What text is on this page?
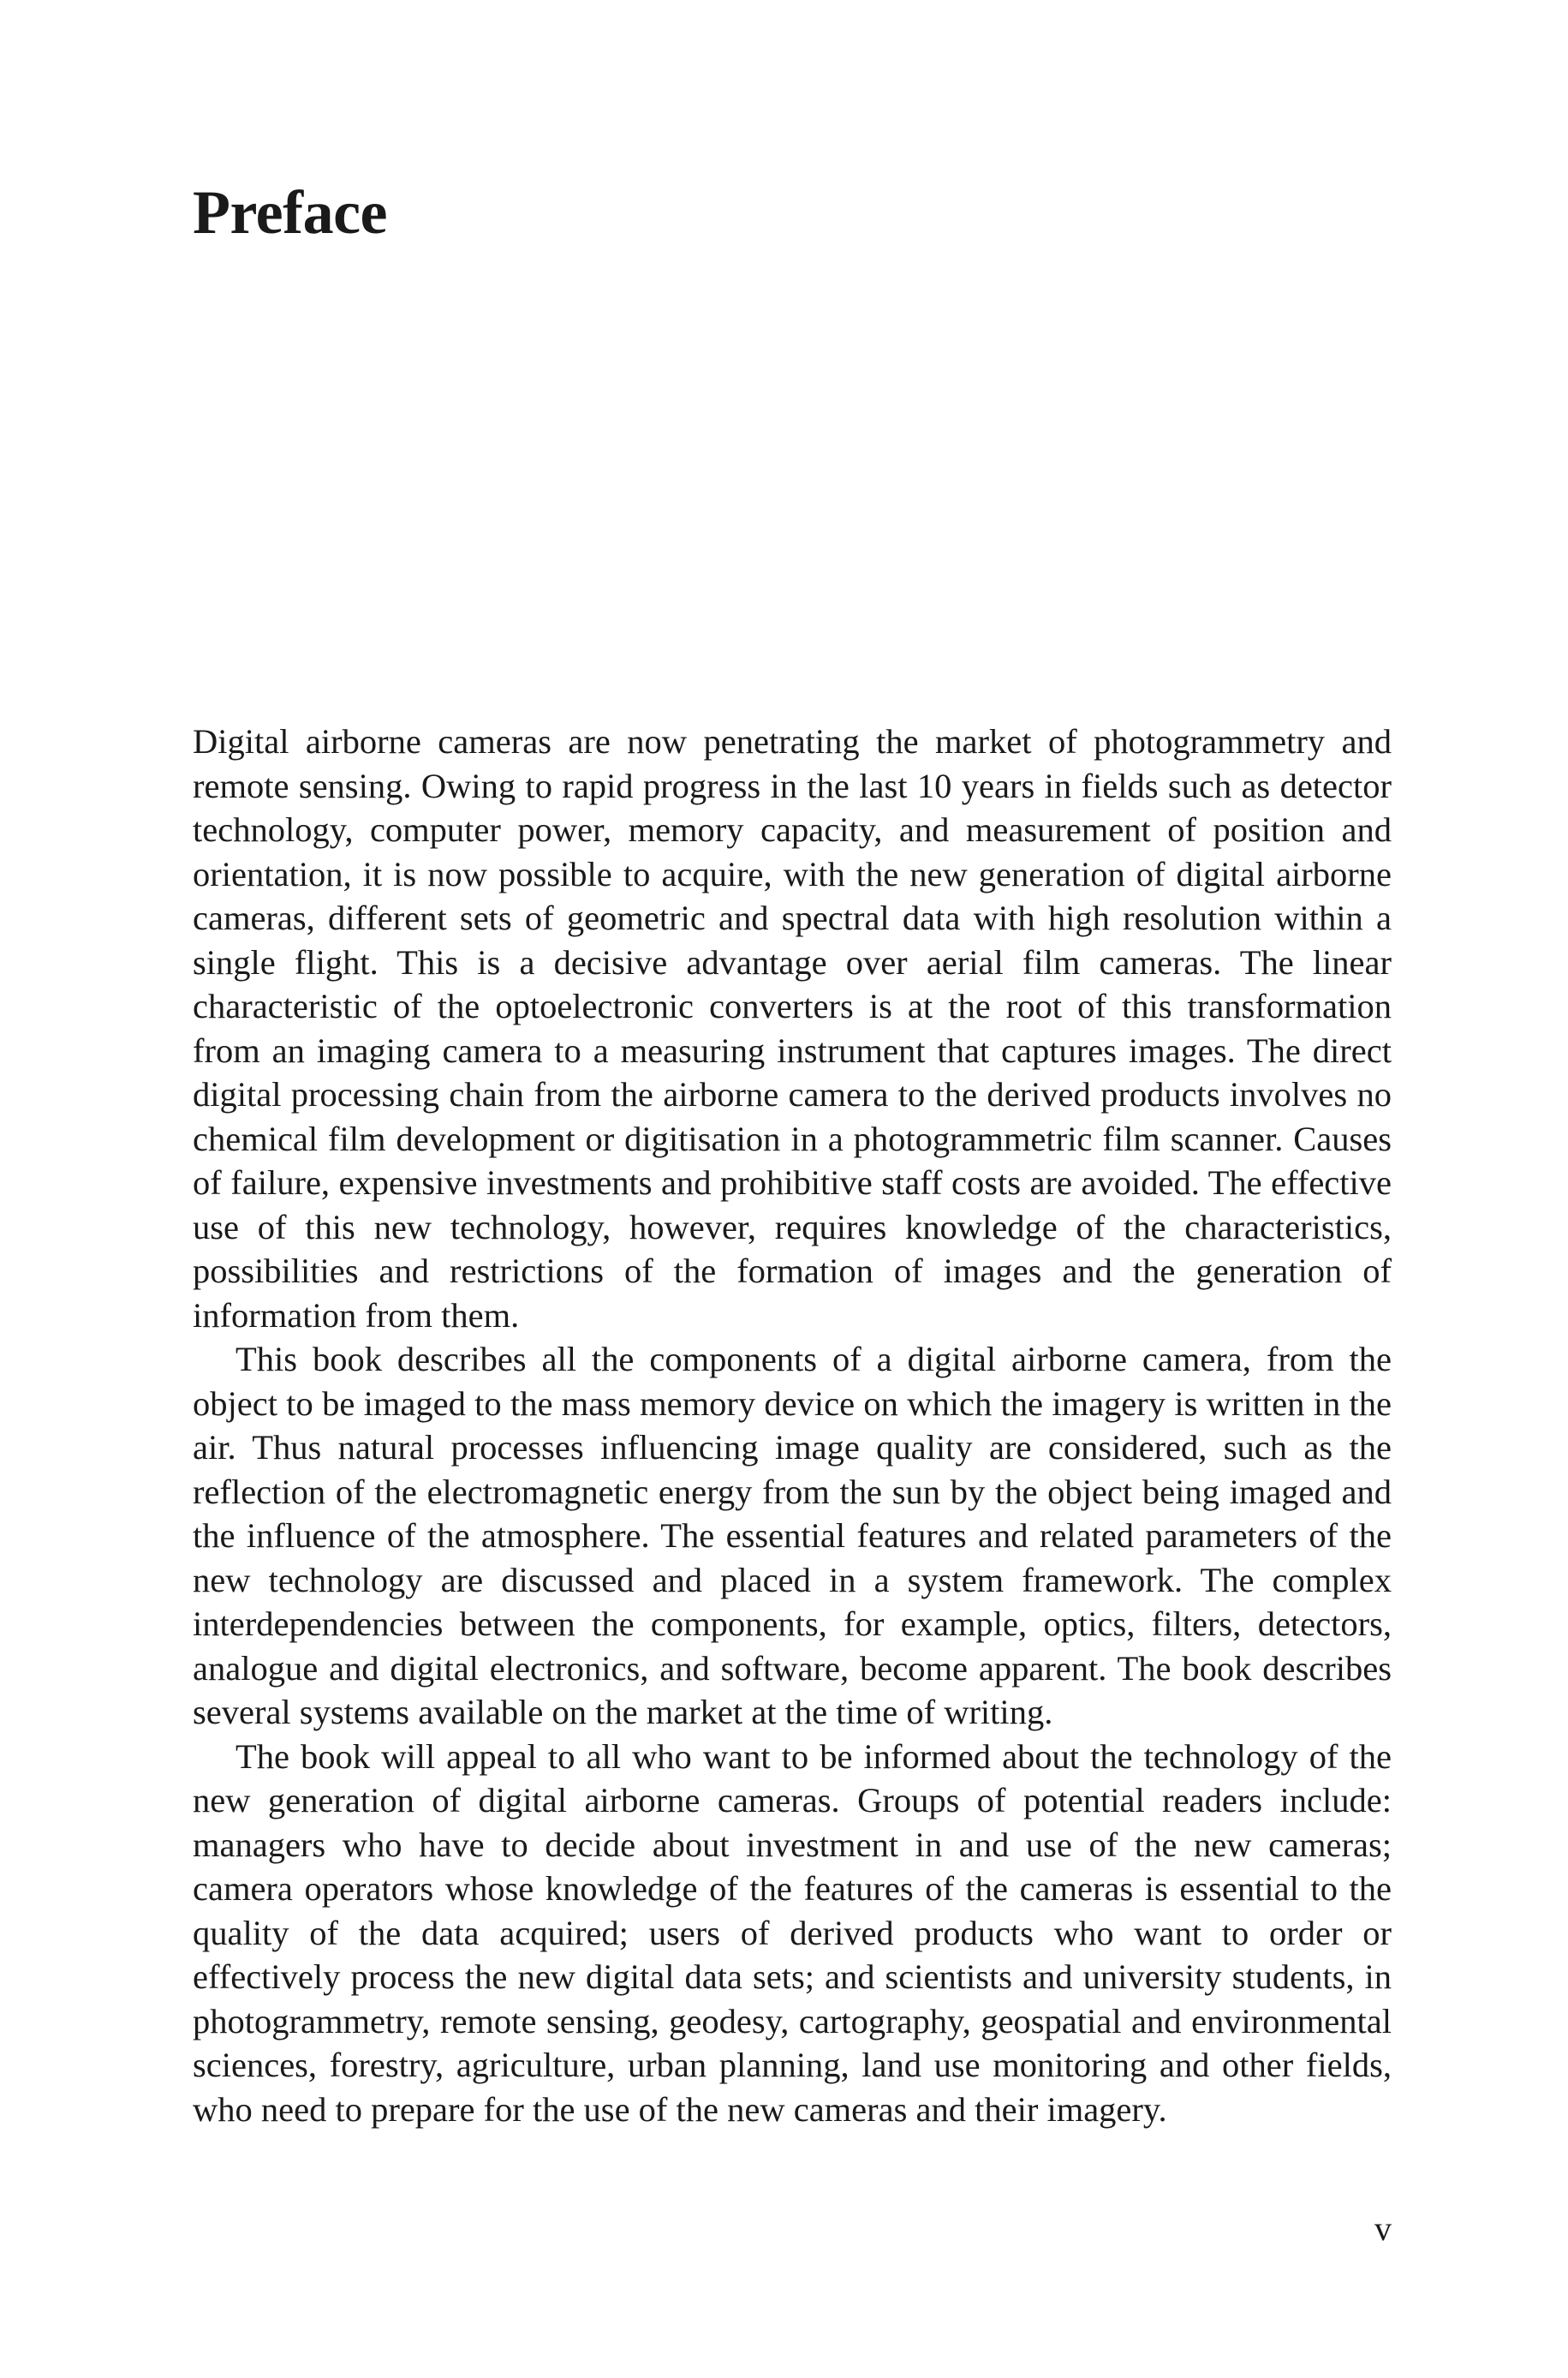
Preface

Digital airborne cameras are now penetrating the market of photogrammetry and remote sensing. Owing to rapid progress in the last 10 years in fields such as detector technology, computer power, memory capacity, and measurement of position and orientation, it is now possible to acquire, with the new generation of digital airborne cameras, different sets of geometric and spectral data with high resolution within a single flight. This is a decisive advantage over aerial film cameras. The linear characteristic of the optoelectronic converters is at the root of this transformation from an imaging camera to a measuring instrument that captures images. The direct digital processing chain from the airborne camera to the derived products involves no chemical film development or digitisation in a photogrammetric film scanner. Causes of failure, expensive investments and prohibitive staff costs are avoided. The effective use of this new technology, however, requires knowledge of the characteristics, possibilities and restrictions of the formation of images and the generation of information from them.

This book describes all the components of a digital airborne camera, from the object to be imaged to the mass memory device on which the imagery is written in the air. Thus natural processes influencing image quality are considered, such as the reflection of the electromagnetic energy from the sun by the object being imaged and the influence of the atmosphere. The essential features and related parameters of the new technology are discussed and placed in a system framework. The complex interdependencies between the components, for example, optics, filters, detectors, analogue and digital electronics, and software, become apparent. The book describes several systems available on the market at the time of writing.

The book will appeal to all who want to be informed about the technology of the new generation of digital airborne cameras. Groups of potential readers include: managers who have to decide about investment in and use of the new cameras; camera operators whose knowledge of the features of the cameras is essential to the quality of the data acquired; users of derived products who want to order or effectively process the new digital data sets; and scientists and university students, in photogrammetry, remote sensing, geodesy, cartography, geospatial and environmental sciences, forestry, agriculture, urban planning, land use monitoring and other fields, who need to prepare for the use of the new cameras and their imagery.

v
